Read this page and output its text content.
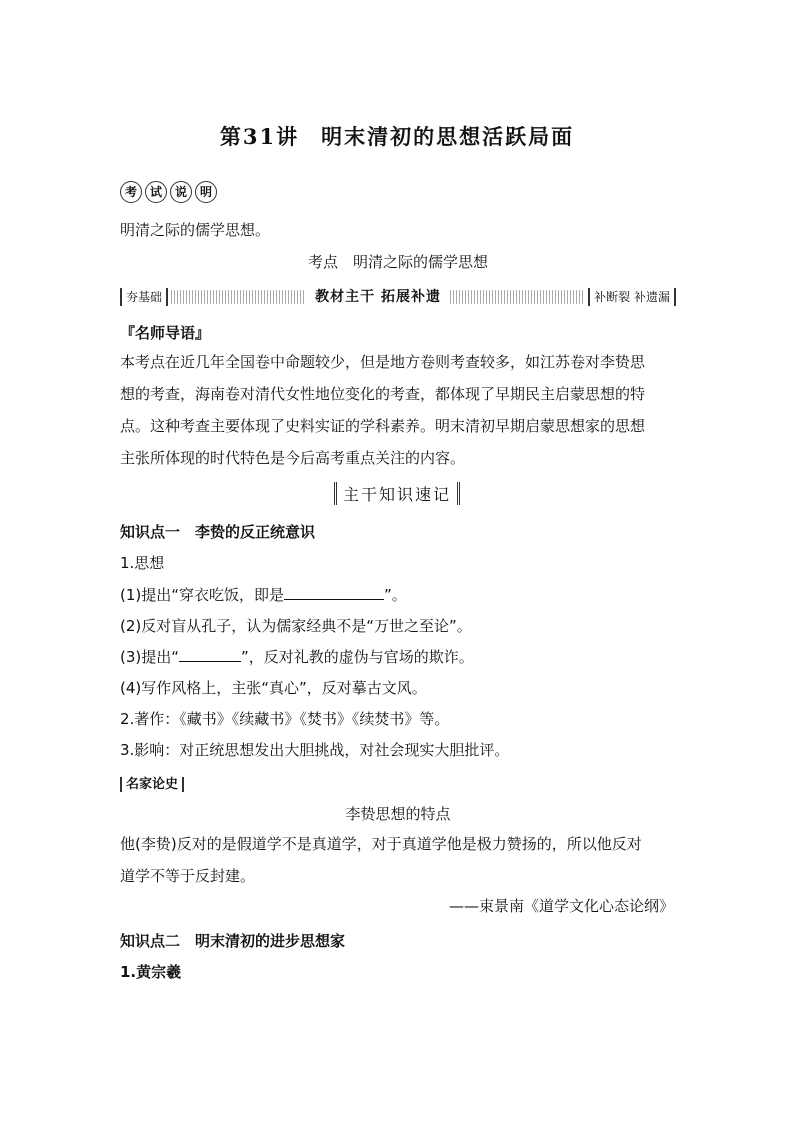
第31讲 明末清初的思想活跃局面
考	试	说	明
明清之际的儒学思想。
考点　明清之际的儒学思想
夯基础	教材主干 拓展补遗	补断裂 补遗漏
『名师导语』
本考点在近几年全国卷中命题较少，但是地方卷则考查较多，如江苏卷对李贽思
想的考查，海南卷对清代女性地位变化的考查，都体现了早期民主启蒙思想的特
点。这种考查主要体现了史料实证的学科素养。明末清初早期启蒙思想家的思想
主张所体现的时代特色是今后高考重点关注的内容。
主干知识速记
知识点一　李贽的反正统意识
1.思想
(1)提出“穿衣吃饭，即是	”。
(2)反对盲从孔子，认为儒家经典不是“万世之至论”。
(3)提出“	”，反对礼教的虚伪与官场的欺诈。
(4)写作风格上，主张“真心”，反对摹古文风。
2.著作：《藏书》《续藏书》《焚书》《续焚书》等。
3.影响：对正统思想发出大胆挑战，对社会现实大胆批评。
名家论史
李贽思想的特点
他(李贽)反对的是假道学不是真道学，对于真道学他是极力赞扬的，所以他反对
道学不等于反封建。
——束景南《道学文化心态论纲》
知识点二　明末清初的进步思想家
1.黄宗羲
